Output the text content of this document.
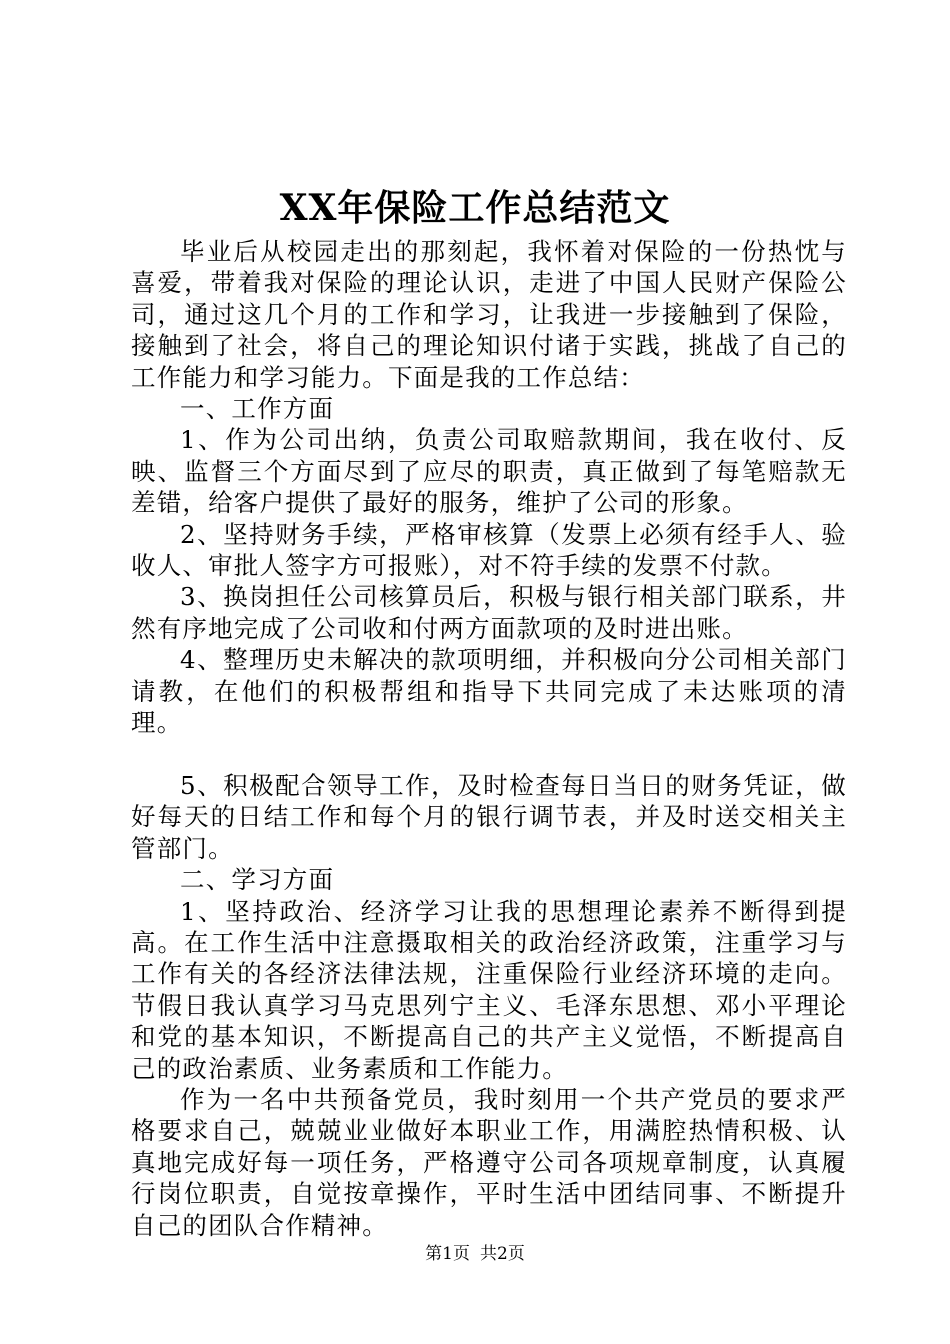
XX年保险工作总结范文

毕业后从校园走出的那刻起，我怀着对保险的一份热忱与喜爱，带着我对保险的理论认识，走进了中国人民财产保险公司，通过这几个月的工作和学习，让我进一步接触到了保险，接触到了社会，将自己的理论知识付诸于实践，挑战了自己的工作能力和学习能力。下面是我的工作总结：

一、工作方面

1、作为公司出纳，负责公司取赔款期间，我在收付、反映、监督三个方面尽到了应尽的职责，真正做到了每笔赔款无差错，给客户提供了最好的服务，维护了公司的形象。

2、坚持财务手续，严格审核算（发票上必须有经手人、验收人、审批人签字方可报账），对不符手续的发票不付款。

3、换岗担任公司核算员后，积极与银行相关部门联系，井然有序地完成了公司收和付两方面款项的及时进出账。

4、整理历史未解决的款项明细，并积极向分公司相关部门请教，在他们的积极帮组和指导下共同完成了未达账项的清理。

5、积极配合领导工作，及时检查每日当日的财务凭证，做好每天的日结工作和每个月的银行调节表，并及时送交相关主管部门。

二、学习方面

1、坚持政治、经济学习让我的思想理论素养不断得到提高。在工作生活中注意摄取相关的政治经济政策，注重学习与工作有关的各经济法律法规，注重保险行业经济环境的走向。节假日我认真学习马克思列宁主义、毛泽东思想、邓小平理论和党的基本知识，不断提高自己的共产主义觉悟，不断提高自己的政治素质、业务素质和工作能力。

作为一名中共预备党员，我时刻用一个共产党员的要求严格要求自己，兢兢业业做好本职业工作，用满腔热情积极、认真地完成好每一项任务，严格遵守公司各项规章制度，认真履行岗位职责，自觉按章操作，平时生活中团结同事、不断提升自己的团队合作精神。

第1页 共2页
